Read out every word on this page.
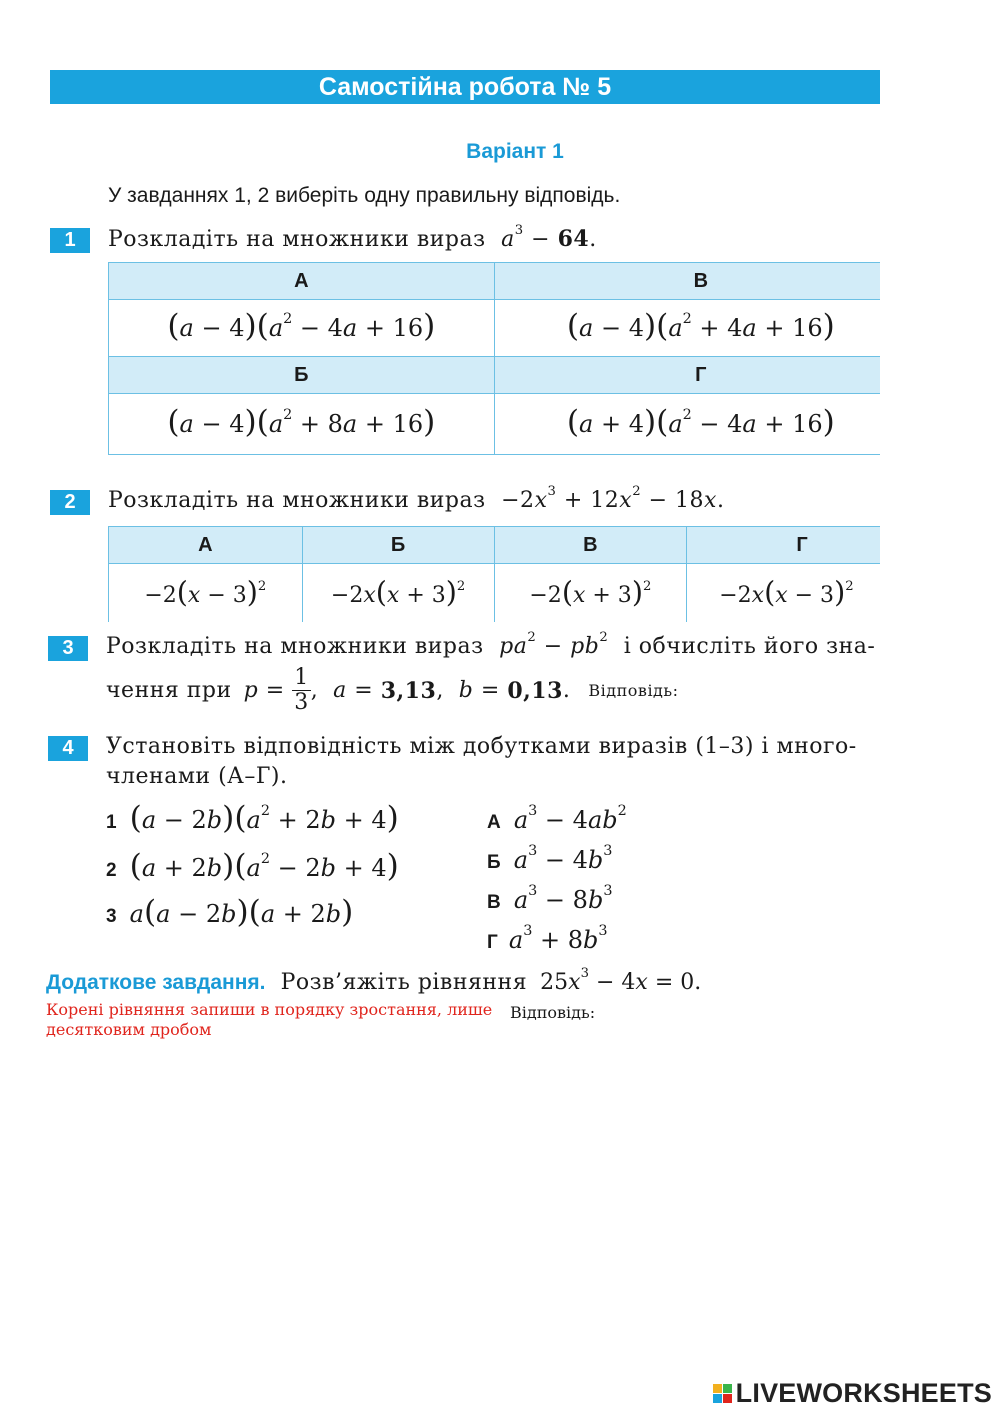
Самостійна робота № 5
Варіант 1
У завданнях 1, 2 виберіть одну правильну відповідь.
1	Розкладіть на множники вираз $a^3 - 64$.
А	В
$(a - 4)(a^2 - 4a + 16)$	$(a - 4)(a^2 + 4a + 16)$
Б	Г
$(a - 4)(a^2 + 8a + 16)$	$(a + 4)(a^2 - 4a + 16)$
2	Розкладіть на множники вираз $-2x^3 + 12x^2 - 18x$.
А	Б	В	Г
$-2(x - 3)^2$	$-2x(x + 3)^2$	$-2(x + 3)^2$	$-2x(x - 3)^2$
3	Розкладіть на множники вираз $pa^2 - pb^2$ і обчисліть його зна-
чення при $p = \frac{1}{3}$ , a = 3,13 , b = 0,13 . Відповідь:
4	Установіть відповідність між добутками виразів (1–3) і много-
членами (А–Г).
1 $(a - 2b)(a^2 + 2b + 4)$
2 $(a + 2b)(a^2 - 2b + 4)$
3 a(a − 2b)(a + 2b)
А $a^3 - 4ab^2$
Б $a^3 - 4b^3$
В $a^3 - 8b^3$
Г $a^3 + 8b^3$
Додаткове завдання. Розв’яжіть рівняння $25x^3 - 4x = 0$.
Корені рівняння запиши в порядку зростання, лише
десятковим дробом
Відповідь:
LIVEWORKSHEETS
